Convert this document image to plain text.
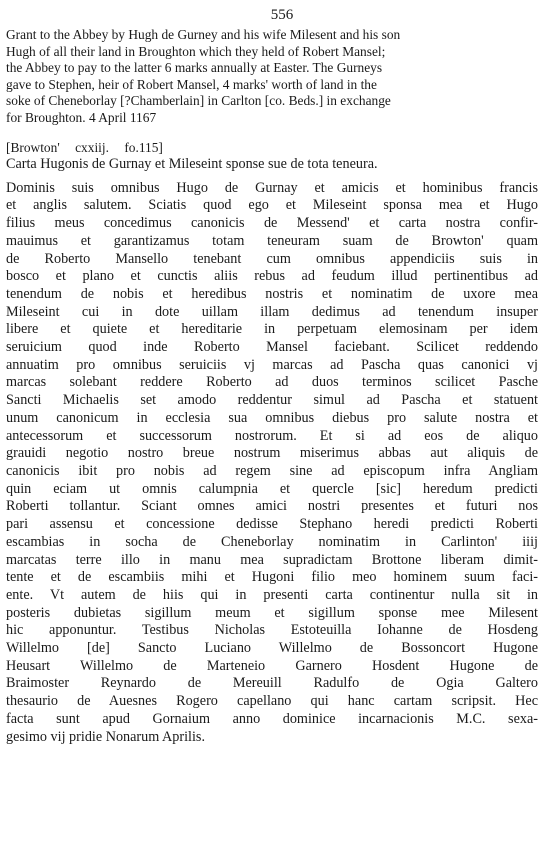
556
Grant to the Abbey by Hugh de Gurney and his wife Milesent and his son
Hugh of all their land in Broughton which they held of Robert Mansel;
the Abbey to pay to the latter 6 marks annually at Easter. The Gurneys
gave to Stephen, heir of Robert Mansel, 4 marks' worth of land in the
soke of Cheneborlay [?Chamberlain] in Carlton [co. Beds.] in exchange
for Broughton. 4 April 1167
[Browton' cxxiij. fo.115]
Carta Hugonis de Gurnay et Mileseint sponse sue de tota teneura.
Dominis suis omnibus Hugo de Gurnay et amicis et hominibus francis
et anglis salutem. Sciatis quod ego et Mileseint sponsa mea et Hugo
filius meus concedimus canonicis de Messend' et carta nostra confir-
mauimus et garantizamus totam teneuram suam de Browton' quam
de Roberto Mansello tenebant cum omnibus appendiciis suis in
bosco et plano et cunctis aliis rebus ad feudum illud pertinentibus ad
tenendum de nobis et heredibus nostris et nominatim de uxore mea
Mileseint cui in dote uillam illam dedimus ad tenendum insuper
libere et quiete et hereditarie in perpetuam elemosinam per idem
seruicium quod inde Roberto Mansel faciebant. Scilicet reddendo
annuatim pro omnibus seruiciis vj marcas ad Pascha quas canonici vj
marcas solebant reddere Roberto ad duos terminos scilicet Pasche
Sancti Michaelis set amodo reddentur simul ad Pascha et statuent
unum canonicum in ecclesia sua omnibus diebus pro salute nostra et
antecessorum et successorum nostrorum. Et si ad eos de aliquo
grauidi negotio nostro breue nostrum miserimus abbas aut aliquis de
canonicis ibit pro nobis ad regem sine ad episcopum infra Angliam
quin eciam ut omnis calumpnia et quercle [sic] heredum predicti
Roberti tollantur. Sciant omnes amici nostri presentes et futuri nos
pari assensu et concessione dedisse Stephano heredi predicti Roberti
escambias in socha de Cheneborlay nominatim in Carlinton' iiij
marcatas terre illo in manu mea supradictam Brottone liberam dimit-
tente et de escambiis mihi et Hugoni filio meo hominem suum faci-
ente. Vt autem de hiis qui in presenti carta continentur nulla sit in
posteris dubietas sigillum meum et sigillum sponse mee Milesent
hic apponuntur. Testibus Nicholas Estoteuilla Iohanne de Hosdeng
Willelmo [de] Sancto Luciano Willelmo de Bossoncort Hugone
Heusart Willelmo de Marteneio Garnero Hosdent Hugone de
Braimoster Reynardo de Mereuill Radulfo de Ogia Galtero
thesaurio de Auesnes Rogero capellano qui hanc cartam scripsit. Hec
facta sunt apud Gornaium anno dominice incarnacionis M.C. sexa-
gesimo vij pridie Nonarum Aprilis.
